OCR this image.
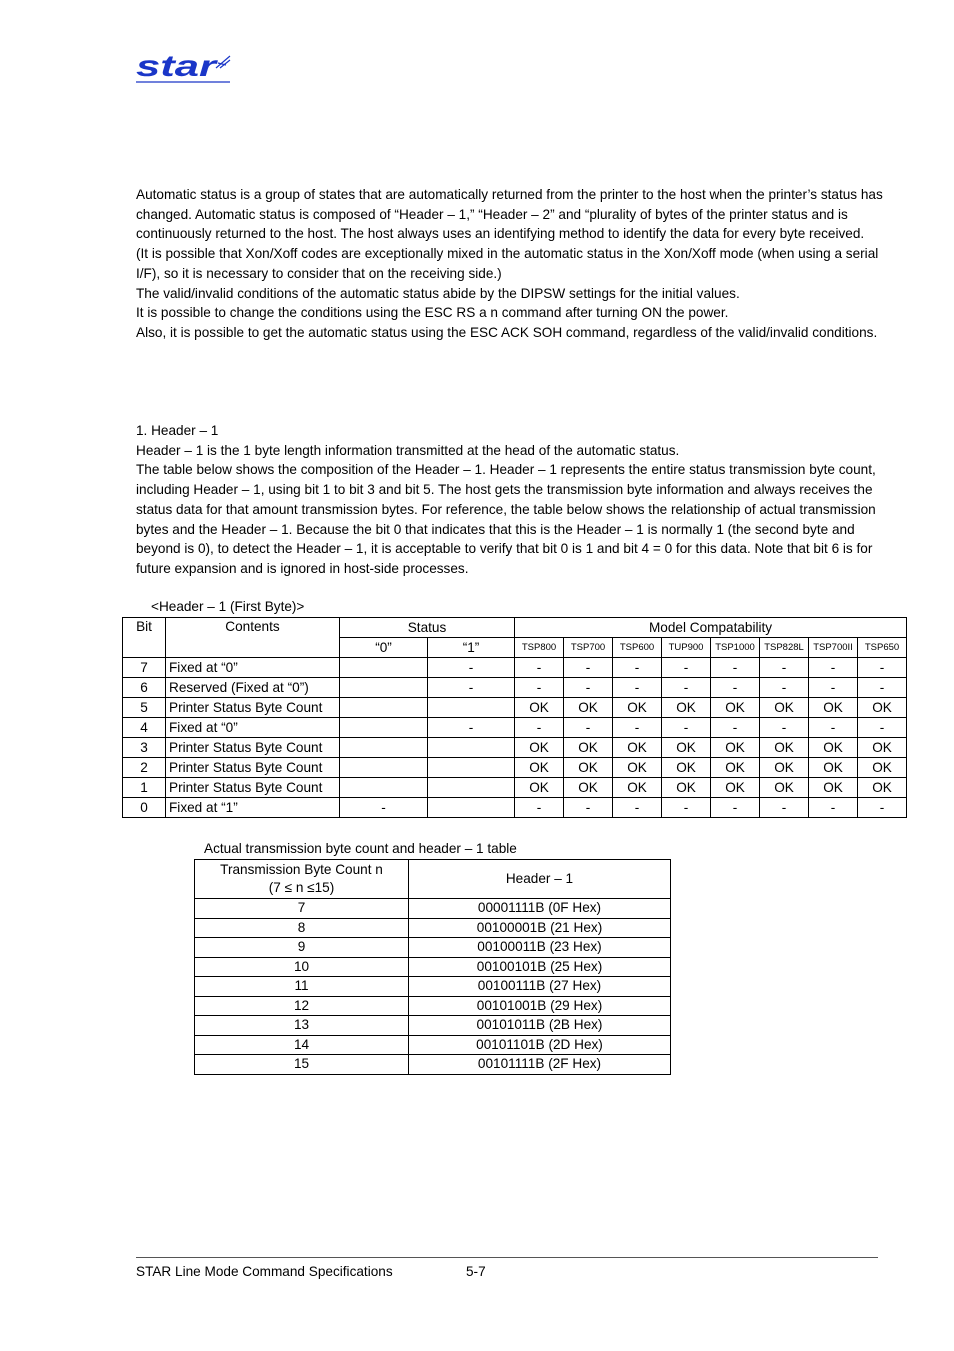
star

Automatic status is a group of states that are automatically returned from the printer to the host when the printer’s status has changed. Automatic status is composed of “Header – 1,” “Header – 2” and “plurality of bytes of the printer status and is continuously returned to the host. The host always uses an identifying method to identify the data for every byte received.

(It is possible that Xon/Xoff codes are exceptionally mixed in the automatic status in the Xon/Xoff mode (when using a serial I/F), so it is necessary to consider that on the receiving side.)

The valid/invalid conditions of the automatic status abide by the DIPSW settings for the initial values.

It is possible to change the conditions using the ESC RS a n command after turning ON the power.

Also, it is possible to get the automatic status using the ESC ACK SOH command, regardless of the valid/invalid conditions.

1. Header – 1

Header – 1 is the 1 byte length information transmitted at the head of the automatic status.

The table below shows the composition of the Header – 1. Header – 1 represents the entire status transmission byte count, including Header – 1, using bit 1 to bit 3 and bit 5. The host gets the transmission byte information and always receives the status data for that amount transmission bytes. For reference, the table below shows the relationship of actual transmission bytes and the Header – 1. Because the bit 0 that indicates that this is the Header – 1 is normally 1 (the second byte and beyond is 0), to detect the Header – 1, it is acceptable to verify that bit 0 is 1 and bit 4 = 0 for this data. Note that bit 6 is for future expansion and is ignored in host-side processes.

<Header – 1 (First Byte)>
Bit	Contents	Status		Model Compatability							
		“0”	“1”	TSP800	TSP700	TSP600	TUP900	TSP1000	TSP828L	TSP700II	TSP650
7	Fixed at “0”		-	-	-	-	-	-	-	-	-
6	Reserved (Fixed at “0”)		-	-	-	-	-	-	-	-	-
5	Printer Status Byte Count			OK	OK	OK	OK	OK	OK	OK	OK
4	Fixed at “0”		-	-	-	-	-	-	-	-	-
3	Printer Status Byte Count			OK	OK	OK	OK	OK	OK	OK	OK
2	Printer Status Byte Count			OK	OK	OK	OK	OK	OK	OK	OK
1	Printer Status Byte Count			OK	OK	OK	OK	OK	OK	OK	OK
0	Fixed at “1”	-		-	-	-	-	-	-	-	-
Actual transmission byte count and header – 1 table
Transmission Byte Count n
(7 ≤ n ≤15)	Header – 1
7	00001111B (0F Hex)
8	00100001B (21 Hex)
9	00100011B (23 Hex)
10	00100101B (25 Hex)
11	00100111B (27 Hex)
12	00101001B (29 Hex)
13	00101011B (2B Hex)
14	00101101B (2D Hex)
15	00101111B (2F Hex)
STAR Line Mode Command Specifications	5-7
